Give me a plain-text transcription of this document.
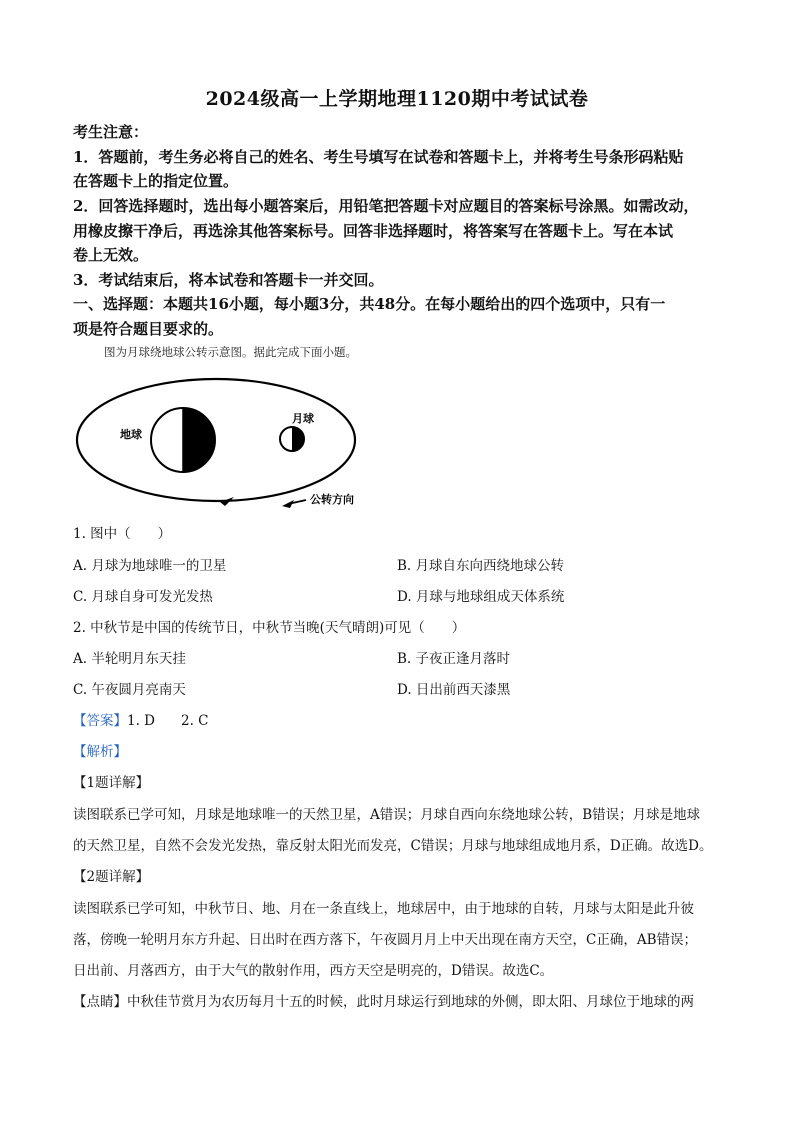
2024级高一上学期地理1120期中考试试卷
考生注意：
1．答题前，考生务必将自己的姓名、考生号填写在试卷和答题卡上，并将考生号条形码粘贴
在答题卡上的指定位置。
2．回答选择题时，选出每小题答案后，用铅笔把答题卡对应题目的答案标号涂黑。如需改动，
用橡皮擦干净后，再选涂其他答案标号。回答非选择题时，将答案写在答题卡上。写在本试
卷上无效。
3．考试结束后，将本试卷和答题卡一并交回。
一、选择题：本题共16小题，每小题3分，共48分。在每小题给出的四个选项中，只有一
项是符合题目要求的。
图为月球绕地球公转示意图。据此完成下面小题。
地球
月球
公转方向
1. 图中（　　）
A. 月球为地球唯一的卫星	B. 月球自东向西绕地球公转
C. 月球自身可发光发热	D. 月球与地球组成天体系统
2. 中秋节是中国的传统节日，中秋节当晚(天气晴朗)可见（　　）
A. 半轮明月东天挂	B. 子夜正逢月落时
C. 午夜圆月亮南天	D. 日出前西天漆黑
【答案】1. D 2. C
【解析】
【1题详解】
读图联系已学可知，月球是地球唯一的天然卫星，A错误；月球自西向东绕地球公转，B错误；月球是地球
的天然卫星，自然不会发光发热，靠反射太阳光而发亮，C错误；月球与地球组成地月系，D正确。故选D。
【2题详解】
读图联系已学可知，中秋节日、地、月在一条直线上，地球居中，由于地球的自转，月球与太阳是此升彼
落，傍晚一轮明月东方升起、日出时在西方落下，午夜圆月月上中天出现在南方天空，C正确，AB错误；
日出前、月落西方，由于大气的散射作用，西方天空是明亮的，D错误。故选C。
【点睛】中秋佳节赏月为农历每月十五的时候，此时月球运行到地球的外侧，即太阳、月球位于地球的两
